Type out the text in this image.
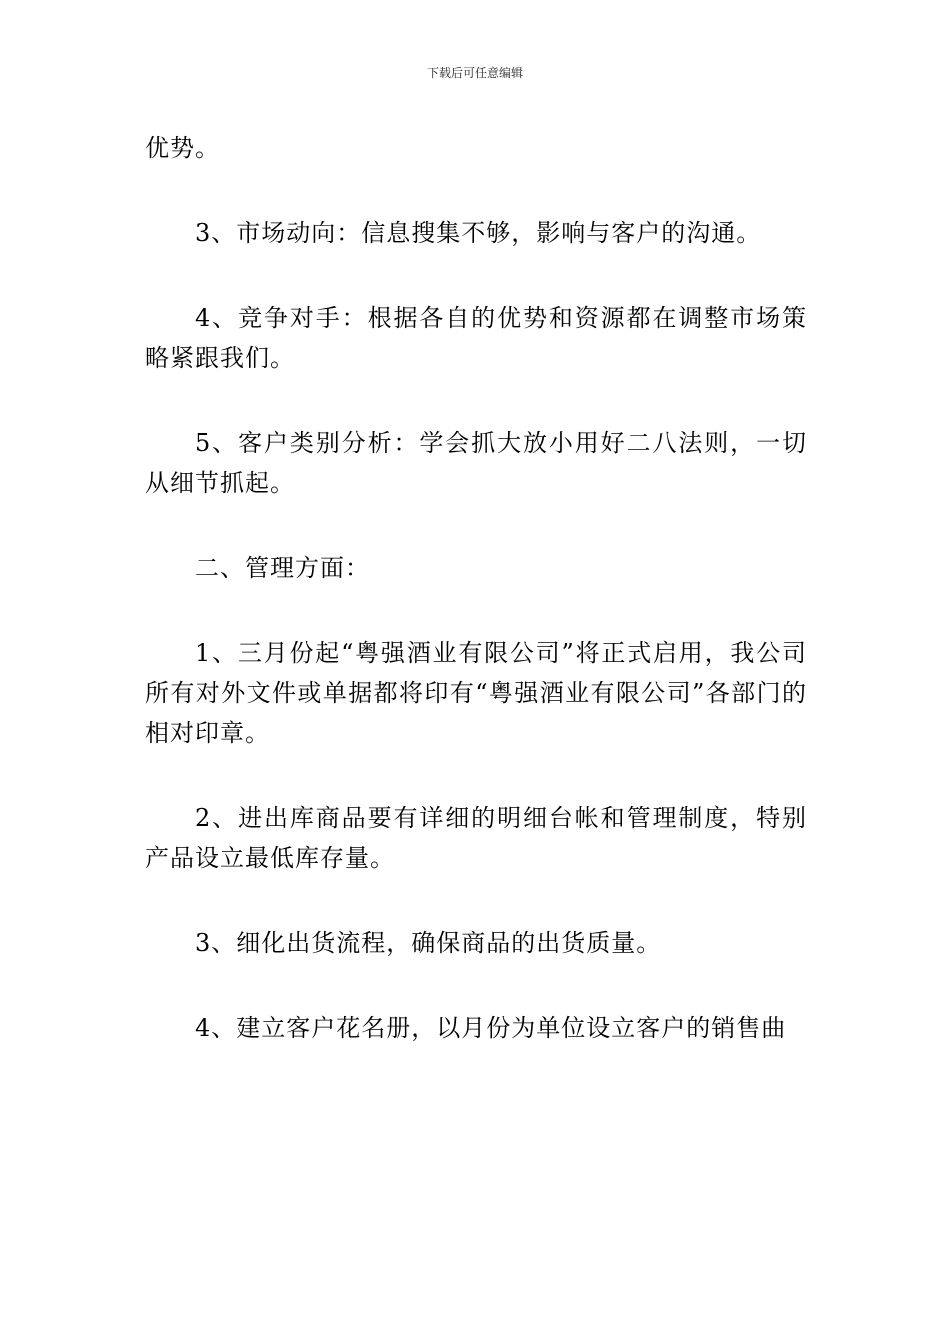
下载后可任意编辑

优势。

3、市场动向：信息搜集不够，影响与客户的沟通。

4、竞争对手：根据各自的优势和资源都在调整市场策略紧跟我们。

5、客户类别分析：学会抓大放小用好二八法则，一切从细节抓起。

二、管理方面：

1、三月份起“粤强酒业有限公司”将正式启用，我公司所有对外文件或单据都将印有“粤强酒业有限公司”各部门的相对印章。

2、进出库商品要有详细的明细台帐和管理制度，特别产品设立最低库存量。

3、细化出货流程，确保商品的出货质量。

4、建立客户花名册，以月份为单位设立客户的销售曲
